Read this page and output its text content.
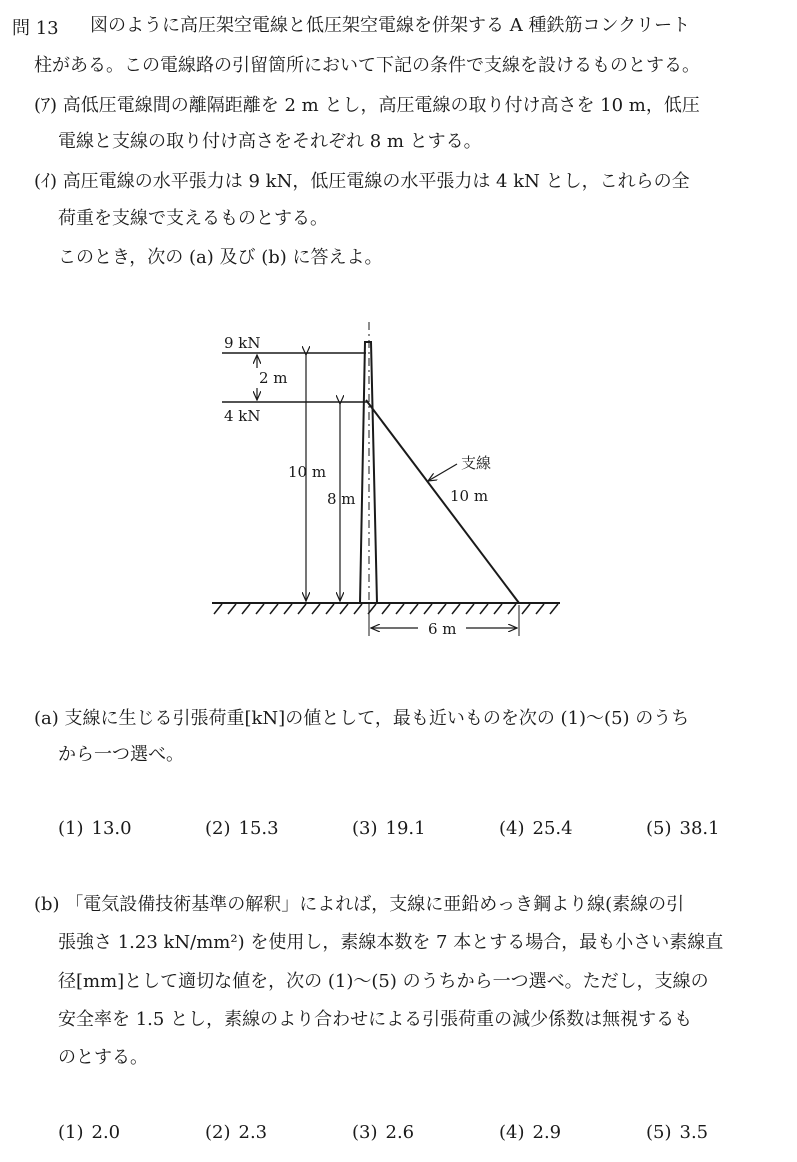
問 13 図のように高圧架空電線と低圧架空電線を併架する A 種鉄筋コンクリート
柱がある。この電線路の引留箇所において下記の条件で支線を設けるものとする。
(ｱ) 高低圧電線間の離隔距離を 2 m とし，高圧電線の取り付け高さを 10 m，低圧
電線と支線の取り付け高さをそれぞれ 8 m とする。
(ｲ) 高圧電線の水平張力は 9 kN，低圧電線の水平張力は 4 kN とし，これらの全
荷重を支線で支えるものとする。
このとき，次の (a) 及び (b) に答えよ。
9 kN
2 m
4 kN
10 m
8 m
支線
10 m
6 m
(a) 支線に生じる引張荷重[kN]の値として，最も近いものを次の (1)～(5) のうち
から一つ選べ。
(1) 13.0	(2) 15.3	(3) 19.1	(4) 25.4	(5) 38.1
(b) 「電気設備技術基準の解釈」によれば，支線に亜鉛めっき鋼より線(素線の引
張強さ 1.23 kN/mm²) を使用し，素線本数を 7 本とする場合，最も小さい素線直
径[mm]として適切な値を，次の (1)～(5) のうちから一つ選べ。ただし，支線の
安全率を 1.5 とし，素線のより合わせによる引張荷重の減少係数は無視するも
のとする。
(1) 2.0	(2) 2.3	(3) 2.6	(4) 2.9	(5) 3.5
